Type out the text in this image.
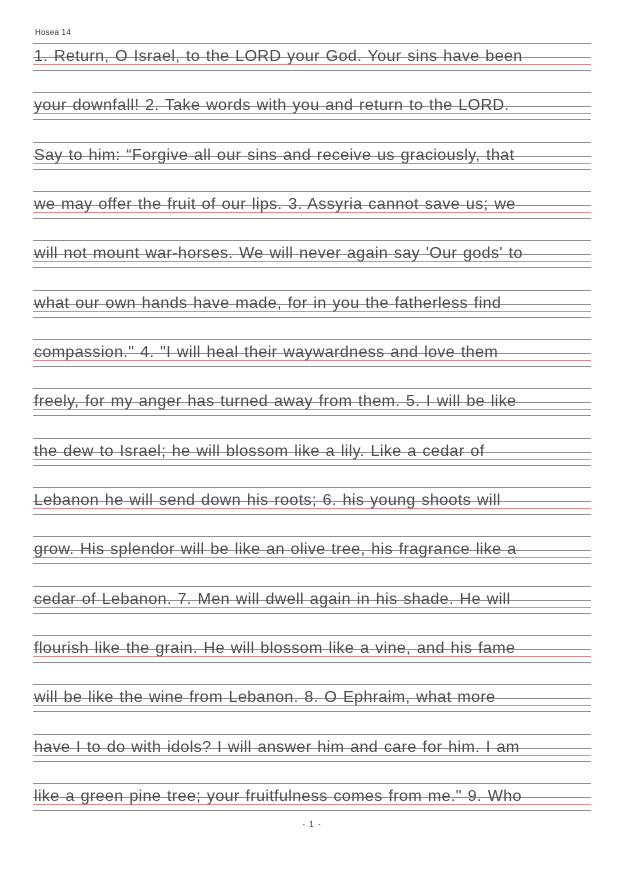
Hosea 14
1. Return, O Israel, to the LORD your God. Your sins have been
your downfall! 2. Take words with you and return to the LORD.
Say to him: “Forgive all our sins and receive us graciously, that
we may offer the fruit of our lips. 3. Assyria cannot save us; we
will not mount war-horses. We will never again say 'Our gods' to
what our own hands have made, for in you the fatherless find
compassion." 4. "I will heal their waywardness and love them
freely, for my anger has turned away from them. 5. I will be like
the dew to Israel; he will blossom like a lily. Like a cedar of
Lebanon he will send down his roots; 6. his young shoots will
grow. His splendor will be like an olive tree, his fragrance like a
cedar of Lebanon. 7. Men will dwell again in his shade. He will
flourish like the grain. He will blossom like a vine, and his fame
will be like the wine from Lebanon. 8. O Ephraim, what more
have I to do with idols? I will answer him and care for him. I am
like a green pine tree; your fruitfulness comes from me." 9. Who
- 1 -
